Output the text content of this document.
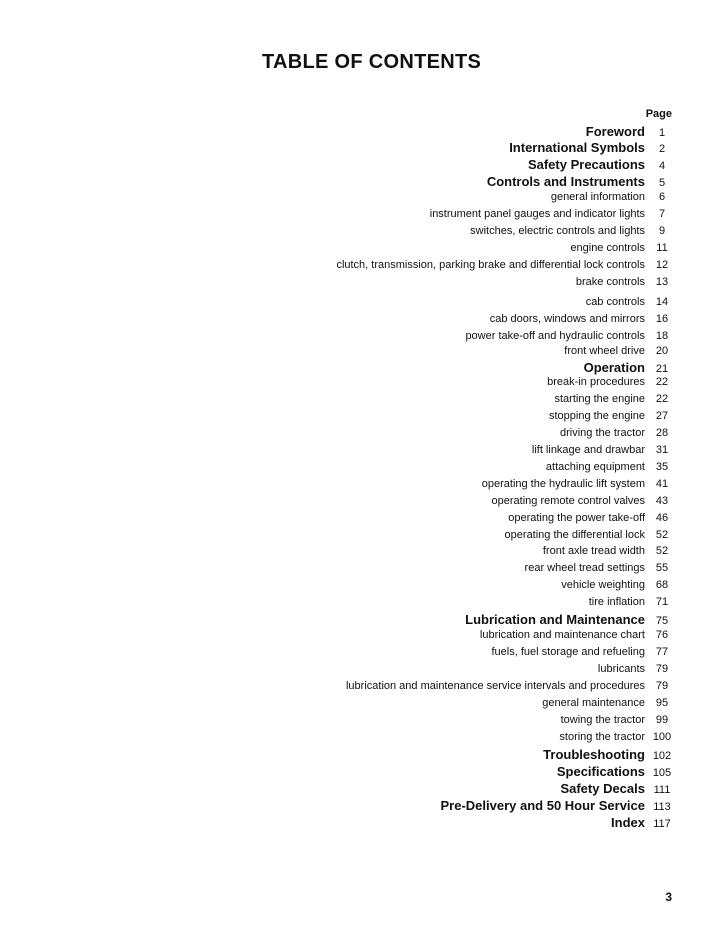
TABLE OF CONTENTS
Page
Foreword	1
International Symbols	2
Safety Precautions	4
Controls and Instruments	5
general information	6
instrument panel gauges and indicator lights	7
switches, electric controls and lights	9
engine controls	11
clutch, transmission, parking brake and differential lock controls 12
brake controls 13
cab controls 14
cab doors, windows and mirrors 16
power take-off and hydraulic controls 18
front wheel drive 20
Operation 21
break-in procedures 22
starting the engine 22
stopping the engine 27
driving the tractor 28
lift linkage and drawbar 31
attaching equipment 35
operating the hydraulic lift system 41
operating remote control valves 43
operating the power take-off 46
operating the differential lock 52
front axle tread width 52
rear wheel tread settings 55
vehicle weighting 68
tire inflation 71
Lubrication and Maintenance 75
lubrication and maintenance chart 76
fuels, fuel storage and refueling 77
lubricants 79
lubrication and maintenance service intervals and procedures 79
general maintenance 95
towing the tractor 99
storing the tractor 100
Troubleshooting 102
Specifications 105
Safety Decals 111
Pre-Delivery and 50 Hour Service 113
Index 117
3
